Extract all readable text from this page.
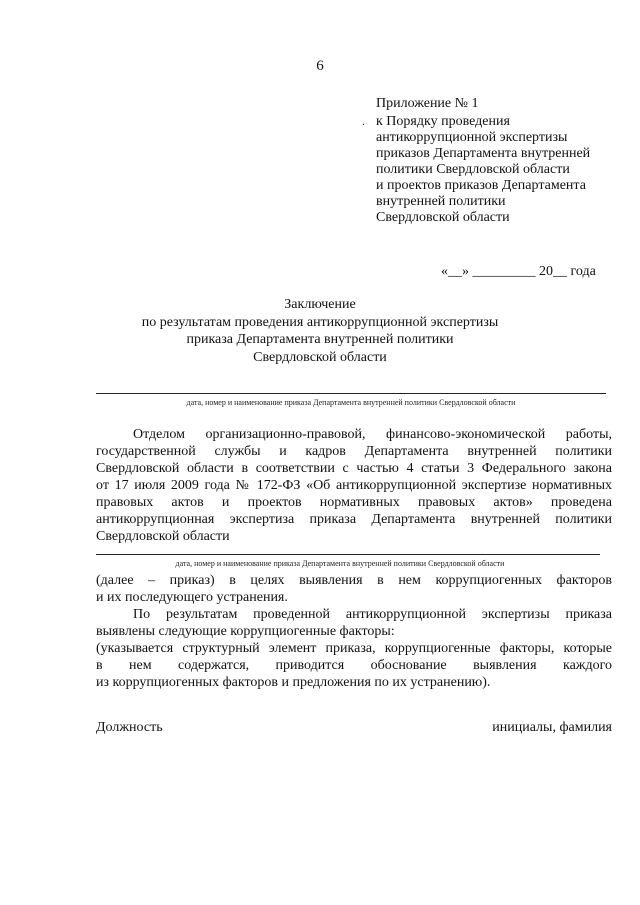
6
.
Приложение № 1
к Порядку проведения
антикоррупционной экспертизы
приказов Департамента внутренней
политики Свердловской области
и проектов приказов Департамента
внутренней политики
Свердловской области
«__» _________ 20__ года
Заключение
по результатам проведения антикоррупционной экспертизы
приказа Департамента внутренней политики
Свердловской области
дата, номер и наименование приказа Департамента внутренней политики Свердловской области
Отделом организационно-правовой, финансово-экономической работы,
государственной службы и кадров Департамента внутренней политики
Свердловской области в соответствии с частью 4 статьи 3 Федерального закона
от 17 июля 2009 года № 172-ФЗ «Об антикоррупционной экспертизе нормативных
правовых актов и проектов нормативных правовых актов» проведена
антикоррупционная экспертиза приказа Департамента внутренней политики
Свердловской области
дата, номер и наименование приказа Департамента внутренней политики Свердловской области
(далее – приказ) в целях выявления в нем коррупциогенных факторов
и их последующего устранения.
По результатам проведенной антикоррупционной экспертизы приказа
выявлены следующие коррупциогенные факторы:
(указывается структурный элемент приказа, коррупциогенные факторы, которые
в нем содержатся, приводится обоснование выявления каждого
из коррупциогенных факторов и предложения по их устранению).
Должность	инициалы, фамилия
